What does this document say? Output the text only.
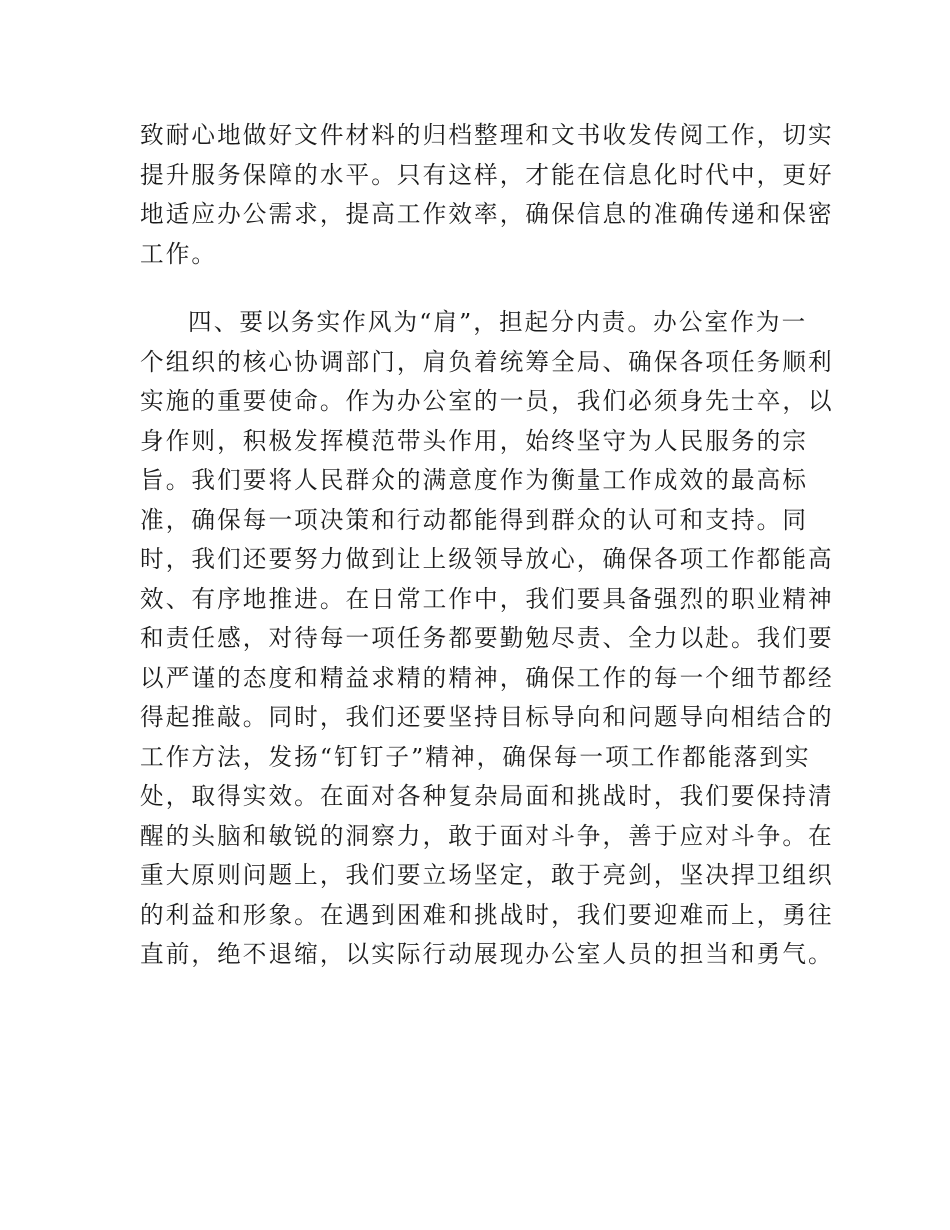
致耐心地做好文件材料的归档整理和文书收发传阅工作，切实
提升服务保障的水平。只有这样，才能在信息化时代中，更好
地适应办公需求，提高工作效率，确保信息的准确传递和保密
工作。
四、要以务实作风为“肩”，担起分内责。办公室作为一
个组织的核心协调部门，肩负着统筹全局、确保各项任务顺利
实施的重要使命。作为办公室的一员，我们必须身先士卒，以
身作则，积极发挥模范带头作用，始终坚守为人民服务的宗
旨。我们要将人民群众的满意度作为衡量工作成效的最高标
准，确保每一项决策和行动都能得到群众的认可和支持。同
时，我们还要努力做到让上级领导放心，确保各项工作都能高
效、有序地推进。在日常工作中，我们要具备强烈的职业精神
和责任感，对待每一项任务都要勤勉尽责、全力以赴。我们要
以严谨的态度和精益求精的精神，确保工作的每一个细节都经
得起推敲。同时，我们还要坚持目标导向和问题导向相结合的
工作方法，发扬“钉钉子”精神，确保每一项工作都能落到实
处，取得实效。在面对各种复杂局面和挑战时，我们要保持清
醒的头脑和敏锐的洞察力，敢于面对斗争，善于应对斗争。在
重大原则问题上，我们要立场坚定，敢于亮剑，坚决捍卫组织
的利益和形象。在遇到困难和挑战时，我们要迎难而上，勇往
直前，绝不退缩，以实际行动展现办公室人员的担当和勇气。
